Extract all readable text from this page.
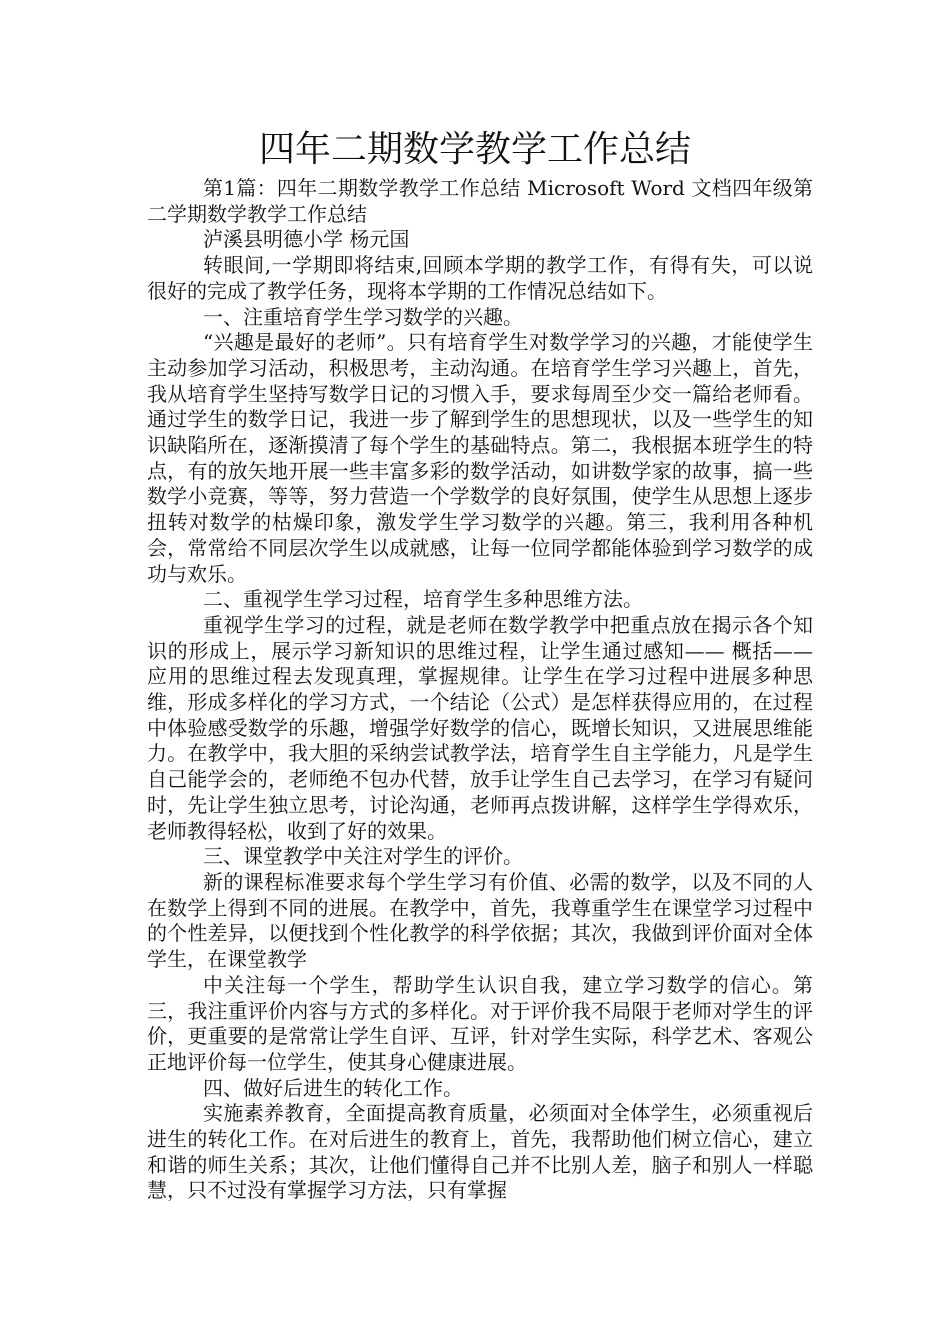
四年二期数学教学工作总结

第1篇：四年二期数学教学工作总结 Microsoft Word 文档四年级第二学期数学教学工作总结

泸溪县明德小学 杨元国

转眼间,一学期即将结束,回顾本学期的教学工作，有得有失，可以说很好的完成了教学任务，现将本学期的工作情况总结如下。

一、注重培育学生学习数学的兴趣。

“兴趣是最好的老师”。只有培育学生对数学学习的兴趣，才能使学生主动参加学习活动，积极思考，主动沟通。在培育学生学习兴趣上，首先，我从培育学生坚持写数学日记的习惯入手，要求每周至少交一篇给老师看。通过学生的数学日记，我进一步了解到学生的思想现状，以及一些学生的知识缺陷所在，逐渐摸清了每个学生的基础特点。第二，我根据本班学生的特点，有的放矢地开展一些丰富多彩的数学活动，如讲数学家的故事，搞一些数学小竞赛，等等，努力营造一个学数学的良好氛围，使学生从思想上逐步扭转对数学的枯燥印象，激发学生学习数学的兴趣。第三，我利用各种机会，常常给不同层次学生以成就感，让每一位同学都能体验到学习数学的成功与欢乐。

二、重视学生学习过程，培育学生多种思维方法。

重视学生学习的过程，就是老师在数学教学中把重点放在揭示各个知识的形成上，展示学习新知识的思维过程，让学生通过感知—— 概括—— 应用的思维过程去发现真理，掌握规律。让学生在学习过程中进展多种思维，形成多样化的学习方式，一个结论（公式）是怎样获得应用的，在过程中体验感受数学的乐趣，增强学好数学的信心，既增长知识，又进展思维能力。在教学中，我大胆的采纳尝试教学法，培育学生自主学能力，凡是学生自己能学会的，老师绝不包办代替，放手让学生自己去学习，在学习有疑问时，先让学生独立思考，讨论沟通，老师再点拨讲解，这样学生学得欢乐，老师教得轻松，收到了好的效果。

三、课堂教学中关注对学生的评价。

新的课程标准要求每个学生学习有价值、必需的数学，以及不同的人在数学上得到不同的进展。在教学中，首先，我尊重学生在课堂学习过程中的个性差异，以便找到个性化教学的科学依据；其次，我做到评价面对全体学生，在课堂教学

中关注每一个学生，帮助学生认识自我，建立学习数学的信心。第三，我注重评价内容与方式的多样化。对于评价我不局限于老师对学生的评价，更重要的是常常让学生自评、互评，针对学生实际，科学艺术、客观公正地评价每一位学生，使其身心健康进展。

四、做好后进生的转化工作。

实施素养教育，全面提高教育质量，必须面对全体学生，必须重视后进生的转化工作。在对后进生的教育上，首先，我帮助他们树立信心，建立和谐的师生关系；其次，让他们懂得自己并不比别人差，脑子和别人一样聪慧，只不过没有掌握学习方法，只有掌握
